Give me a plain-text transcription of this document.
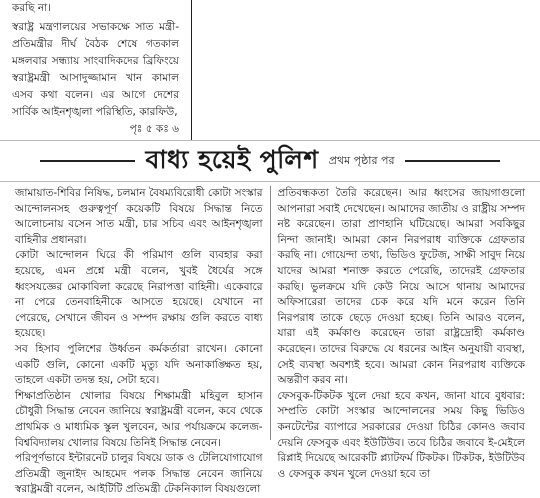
করছি না।

স্বরাষ্ট্র মন্ত্রণালয়ের সভাকক্ষে সাত মন্ত্রী-প্রতিমন্ত্রীর দীর্ঘ বৈঠক শেষে গতকাল মঙ্গলবার সন্ধ্যায় সাংবাদিকদের ব্রিফিংয়ে স্বরাষ্ট্রমন্ত্রী আসাদুজ্জামান খান কামাল এসব কথা বলেন। এর আগে দেশের সার্বিক আইনশৃঙ্খলা পরিস্থিতি, কারফিউ,

পৃঃ ৫ কঃ ৬

বাধ্য হয়েই পুলিশ প্রথম পৃষ্ঠার পর

জামায়াত-শিবির নিষিদ্ধ, চলমান বৈষম্যবিরোধী কোটা সংস্কার আন্দোলনসহ গুরুত্বপূর্ণ কয়েকটি বিষয়ে সিদ্ধান্ত নিতে আলোচনায় বসেন সাত মন্ত্রী, চার সচিব এবং আইনশৃঙ্খলা বাহিনীর প্রধানরা।

কোটা আন্দোলন ঘিরে কী পরিমাণ গুলি ব্যবহার করা হয়েছে, এমন প্রশ্নে মন্ত্রী বলেন, খুবই ধৈর্যের সঙ্গে ধ্বংসযজ্ঞের মোকাবিলা করেছে নিরাপত্তা বাহিনী। একেবারে না পেরে তেনবাহিনীকে আসতে হয়েছে। যেখানে না পেরেছে, সেখানে জীবন ও সম্পদ রক্ষায় গুলি করতে বাধ্য হয়েছে।

সব হিসাব পুলিশের উর্ধ্বতন কর্মকর্তারা রাখেন। কোনো একটি গুলি, কোনো একটি মৃত্যু যদি অনাকাঙ্ক্ষিত হয়, তাহলে একটা তদন্ত হয়, সেটা হবে।

শিক্ষাপ্রতিষ্ঠান খোলার বিষয়ে শিক্ষামন্ত্রী মহিবুল হাসান চৌধুরী সিদ্ধান্ত নেবেন জানিয়ে স্বরাষ্ট্রমন্ত্রী বলেন, কবে থেকে প্রাথমিক ও মাধ্যমিক স্কুল খুলবেন, আর পর্যায়ক্রমে কলেজ-বিশ্ববিদ্যালয় খোলার বিষয়ে তিনিই সিদ্ধান্ত নেবেন।

পরিপূর্ণভাবে ইন্টারনেট চালুর বিষয়ে ডাক ও টেলিযোগাযোগ প্রতিমন্ত্রী জুনাইদ আহমেদ পলক সিদ্ধান্ত নেবেন জানিয়ে স্বরাষ্ট্রমন্ত্রী বলেন, আইটিটি প্রতিমন্ত্রী টেকনিক্যাল বিষয়গুলো

প্রতিবন্ধকতা তৈরি করেছেন। আর ধ্বংসের জায়গাগুলো আপনারা সবাই দেখেছেন। আমাদের জাতীয় ও রাষ্ট্রীয় সম্পদ নষ্ট করেছেন। তারা প্রাণহানি ঘটিয়েছে। আমরা সবকিছুর নিন্দা জানাই। আমরা কোন নিরপরাধ ব্যক্তিকে গ্রেফতার করছি না। গোয়েন্দা তথ্য, ভিডিও ফুটেজ, সাক্ষী সাবুদ নিয়ে যাদের আমরা শনাক্ত করতে পেরেছি, তাদেরই গ্রেফতার করছি। ভুলক্রমে যদি কেউ নিয়ে আসে থানায় আমাদের অফিসারেরা তাদের চেক করে যদি মনে করেন তিনি নিরপরাধ তাকে ছেড়ে দেওয়া হচ্ছে। তিনি আরও বলেন, যারা এই কর্মকাণ্ড করেছেন তারা রাষ্ট্রদ্রোহী কর্মকাণ্ড করেছেন। তাদের বিরুদ্ধে যে ধরনের আইন অনুযায়ী ব্যবস্থা, সেই ব্যবস্থা অবশ্যই হবে। আমরা কোন নিরপরাধ ব্যক্তিকে অন্তরীণ করব না।

ফেসবুক-টিকটক খুলে দেয়া হবে কখন, জানা যাবে বুধবার: সম্প্রতি কোটা সংস্কার আন্দোলনের সময় কিছু ভিডিও কনটেন্টের ব্যাপারে সরকারের দেওয়া চিঠির কোনও জবাব দেয়নি ফেসবুক এবং ইউটিউব। তবে চিঠির জবাবে ই-মেইলে রিপ্লাই দিয়েছে আরেকটি প্ল্যাটফর্ম টিকটক। টিকটক, ইউটিউব ও ফেসবুক কখন খুলে দেওয়া হবে তা
